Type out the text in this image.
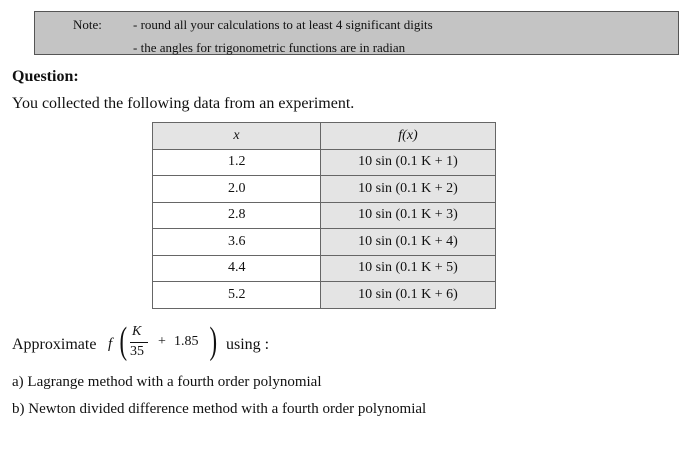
Note: - round all your calculations to at least 4 significant digits
- the angles for trigonometric functions are in radian
Question:
You collected the following data from an experiment.
x	f(x)
1.2	10 sin (0.1 K + 1)
2.0	10 sin (0.1 K + 2)
2.8	10 sin (0.1 K + 3)
3.6	10 sin (0.1 K + 4)
4.4	10 sin (0.1 K + 5)
5.2	10 sin (0.1 K + 6)
Approximate f ( K
35
+ 1.85 ) using :
a) Lagrange method with a fourth order polynomial
b) Newton divided difference method with a fourth order polynomial
